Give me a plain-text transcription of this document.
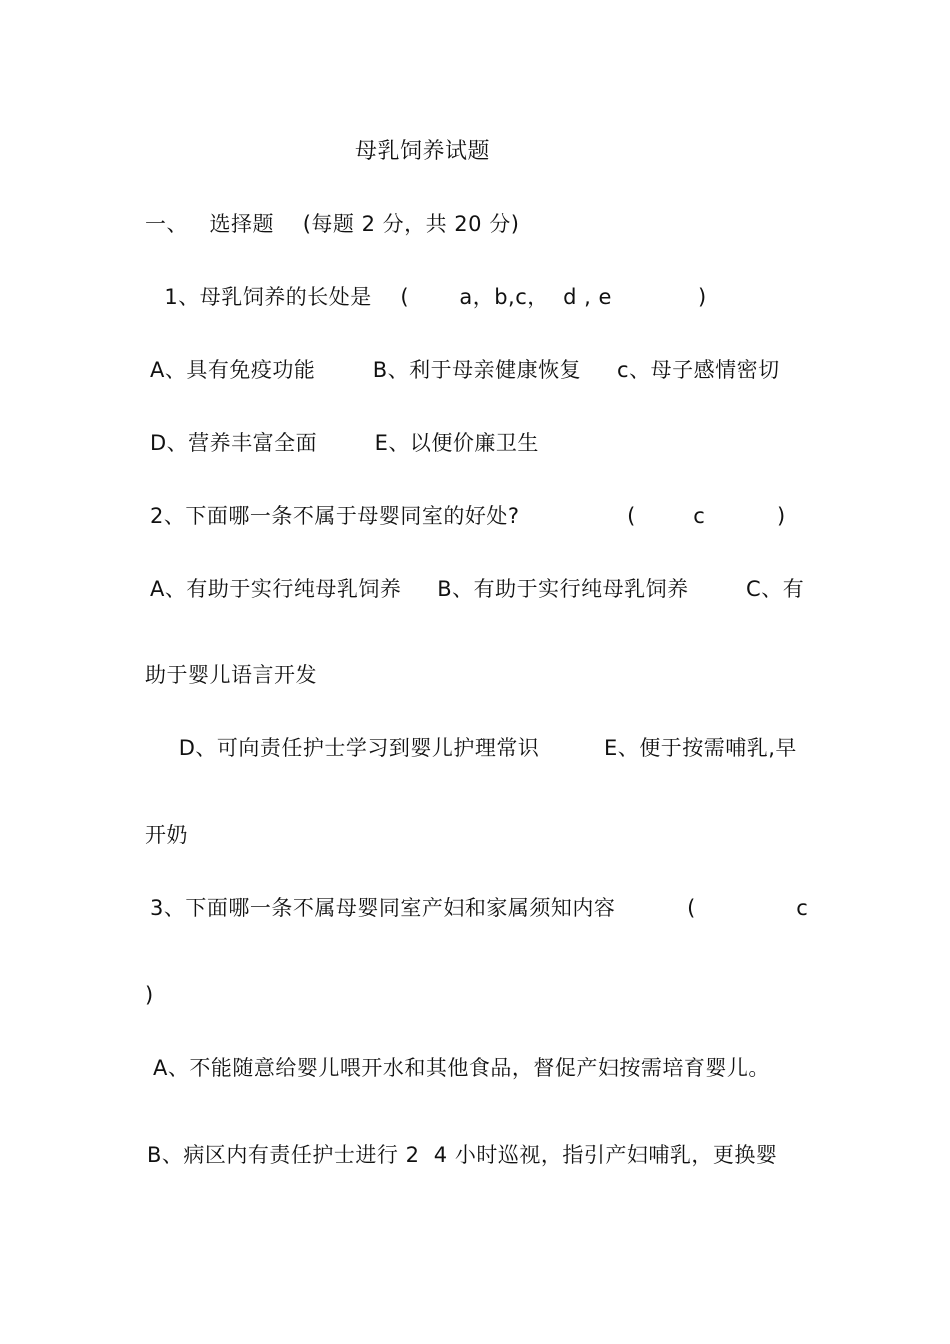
母乳饲养试题
一、   选择题    (每题 2 分，共 20 分)
1、母乳饲养的长处是    (       a，b,c，  d , e            )
A、具有免疫功能        B、利于母亲健康恢复     c、母子感情密切
D、营养丰富全面        E、以便价廉卫生
2、下面哪一条不属于母婴同室的好处?               (        c          )
A、有助于实行纯母乳饲养     B、有助于实行纯母乳饲养        C、有
助于婴儿语言开发
D、可向责任护士学习到婴儿护理常识         E、便于按需哺乳,早
开奶
3、下面哪一条不属母婴同室产妇和家属须知内容          (              c
)
A、不能随意给婴儿喂开水和其他食品，督促产妇按需培育婴儿。
B、病区内有责任护士进行 2  4 小时巡视，指引产妇哺乳，更换婴
